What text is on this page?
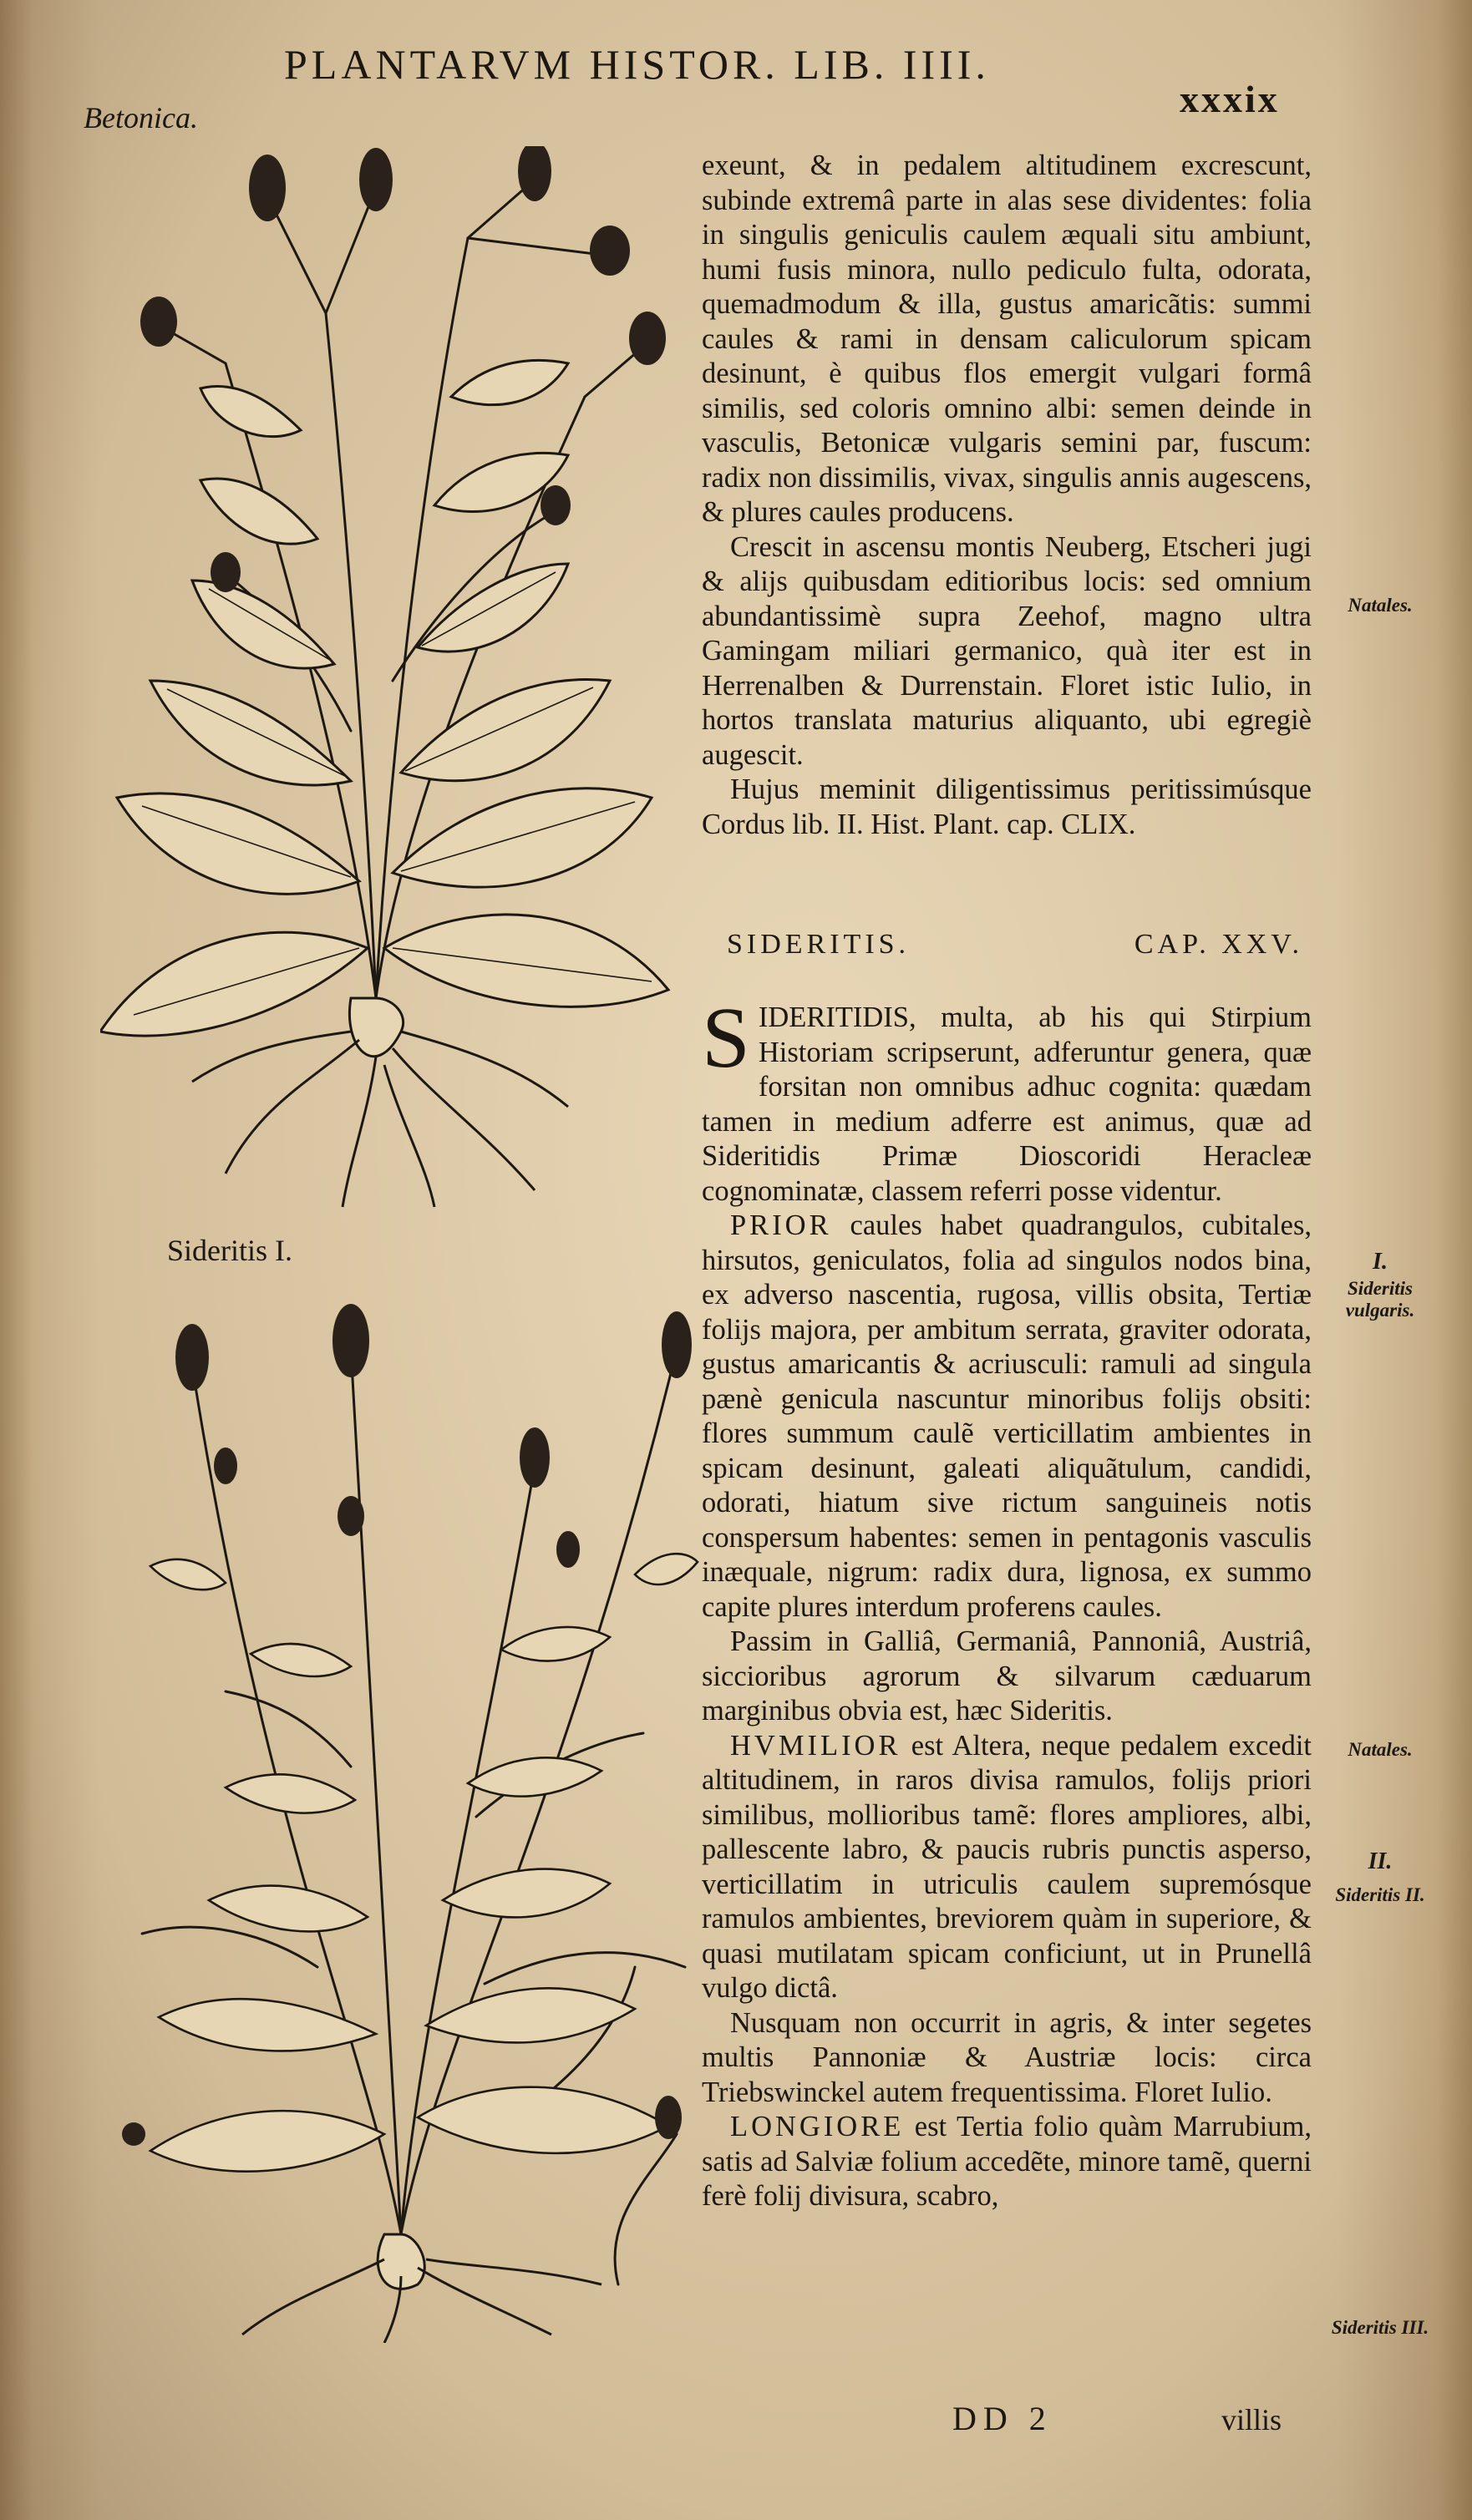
PLANTARVM HISTOR. LIB. IIII.
xxxix
Betonica.
Sideritis I.

exeunt, & in pedalem altitudinem excrescunt, subinde extremâ parte in alas sese dividentes: folia in singulis geniculis caulem æquali situ ambiunt, humi fusis minora, nullo pediculo fulta, odorata, quemadmodum & illa, gustus amaricãtis: summi caules & rami in densam caliculorum spicam desinunt, è quibus flos emergit vulgari formâ similis, sed coloris omnino albi: semen deinde in vasculis, Betonicæ vulgaris semini par, fuscum: radix non dissimilis, vivax, singulis annis augescens, & plures caules producens.

Crescit in ascensu montis Neuberg, Etscheri jugi & alijs quibusdam editioribus locis: sed omnium abundantissimè supra Zeehof, magno ultra Gamingam miliari germanico, quà iter est in Herrenalben & Durrenstain. Floret istic Iulio, in hortos translata maturius aliquanto, ubi egregiè augescit.

Hujus meminit diligentissimus peritissimúsque Cordus lib. II. Hist. Plant. cap. CLIX.

SIDERITIS.	CAP. XXV.

SIDERITIDIS, multa, ab his qui Stirpium Historiam scripserunt, adferuntur genera, quæ forsitan non omnibus adhuc cognita: quædam tamen in medium adferre est animus, quæ ad Sideritidis Primæ Dioscoridi Heracleæ cognominatæ, classem referri posse videntur.

PRIOR caules habet quadrangulos, cubitales, hirsutos, geniculatos, folia ad singulos nodos bina, ex adverso nascentia, rugosa, villis obsita, Tertiæ folijs majora, per ambitum serrata, graviter odorata, gustus amaricantis & acriusculi: ramuli ad singula pænè genicula nascuntur minoribus folijs obsiti: flores summum caulẽ verticillatim ambientes in spicam desinunt, galeati aliquãtulum, candidi, odorati, hiatum sive rictum sanguineis notis conspersum habentes: semen in pentagonis vasculis inæquale, nigrum: radix dura, lignosa, ex summo capite plures interdum proferens caules.

Passim in Galliâ, Germaniâ, Pannoniâ, Austriâ, siccioribus agrorum & silvarum cæduarum marginibus obvia est, hæc Sideritis.

HVMILIOR est Altera, neque pedalem excedit altitudinem, in raros divisa ramulos, folijs priori similibus, mollioribus tamẽ: flores ampliores, albi, pallescente labro, & paucis rubris punctis asperso, verticillatim in utriculis caulem supremósque ramulos ambientes, breviorem quàm in superiore, & quasi mutilatam spicam conficiunt, ut in Prunellâ vulgo dictâ.

Nusquam non occurrit in agris, & inter segetes multis Pannoniæ & Austriæ locis: circa Triebswinckel autem frequentissima. Floret Iulio.

LONGIORE est Tertia folio quàm Marrubium, satis ad Salviæ folium accedẽte, minore tamẽ, querni ferè folij divisura, scabro,

Natales.
I.
Sideritis vulgaris.
Natales.
II.
Sideritis II.
Sideritis III.
DD 2	villis
